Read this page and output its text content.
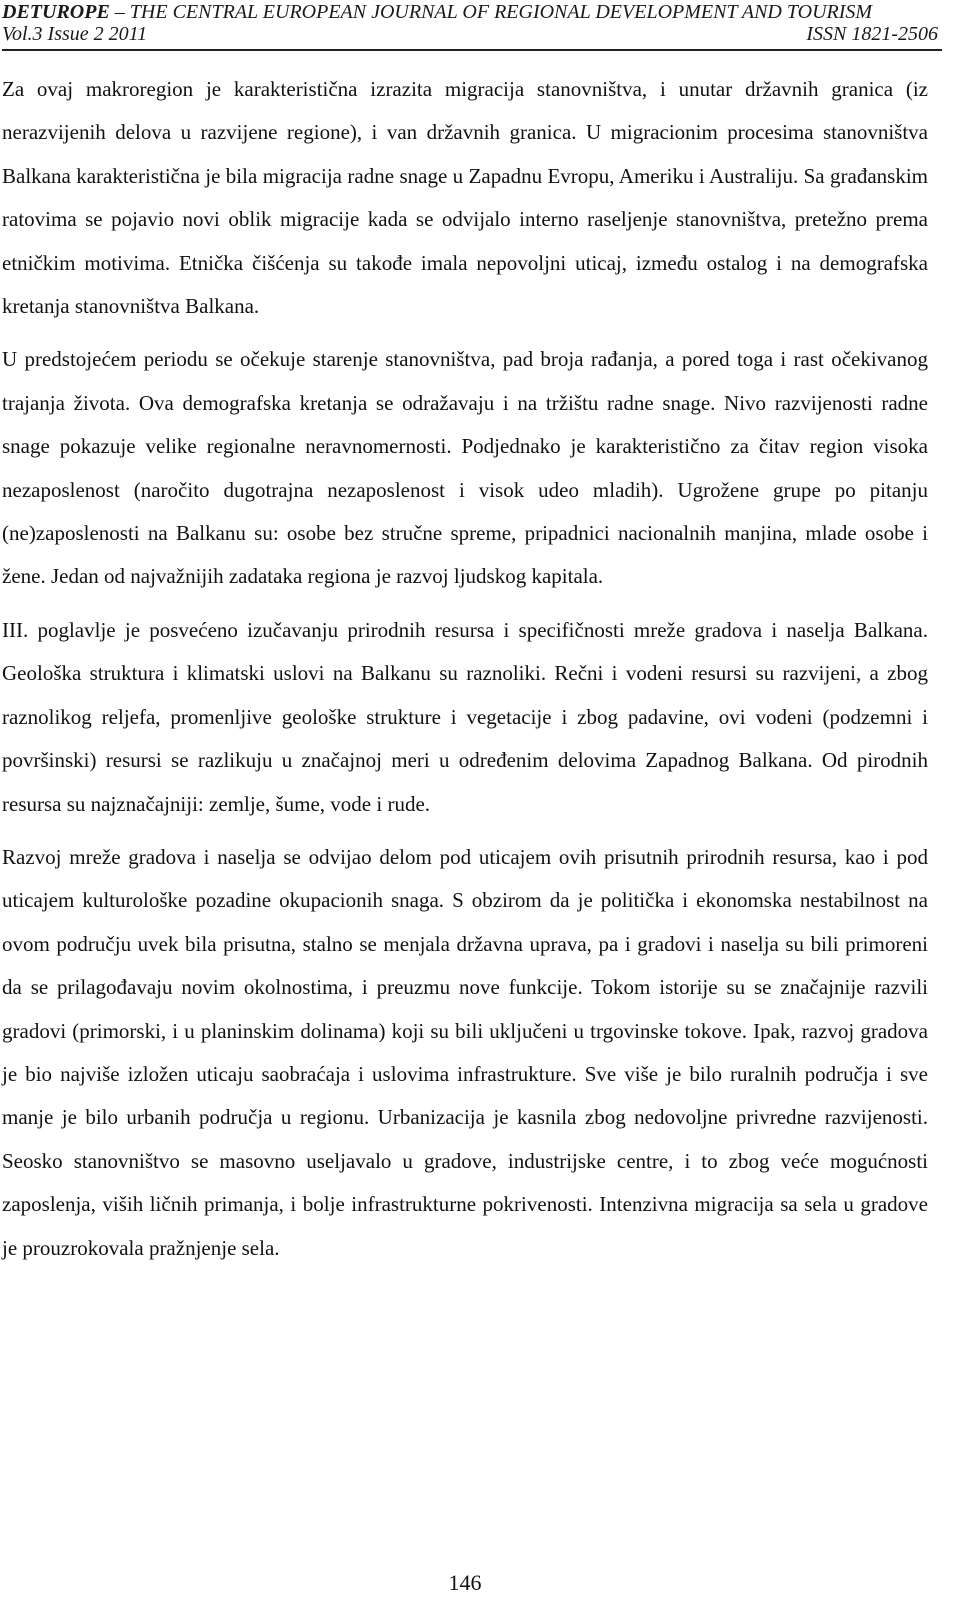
DETUROPE – THE CENTRAL EUROPEAN JOURNAL OF REGIONAL DEVELOPMENT AND TOURISM
Vol.3 Issue 2 2011	ISSN 1821-2506

Za ovaj makroregion je karakteristična izrazita migracija stanovništva, i unutar državnih granica (iz nerazvijenih delova u razvijene regione), i van državnih granica. U migracionim procesima stanovništva Balkana karakteristična je bila migracija radne snage u Zapadnu Evropu, Ameriku i Australiju. Sa građanskim ratovima se pojavio novi oblik migracije kada se odvijalo interno raseljenje stanovništva, pretežno prema etničkim motivima. Etnička čišćenja su takođe imala nepovoljni uticaj, između ostalog i na demografska kretanja stanovništva Balkana.

U predstojećem periodu se očekuje starenje stanovništva, pad broja rađanja, a pored toga i rast očekivanog trajanja života. Ova demografska kretanja se odražavaju i na tržištu radne snage. Nivo razvijenosti radne snage pokazuje velike regionalne neravnomernosti. Podjednako je karakteristično za čitav region visoka nezaposlenost (naročito dugotrajna nezaposlenost i visok udeo mladih). Ugrožene grupe po pitanju (ne)zaposlenosti na Balkanu su: osobe bez stručne spreme, pripadnici nacionalnih manjina, mlade osobe i žene. Jedan od najvažnijih zadataka regiona je razvoj ljudskog kapitala.

III. poglavlje je posvećeno izučavanju prirodnih resursa i specifičnosti mreže gradova i naselja Balkana. Geološka struktura i klimatski uslovi na Balkanu su raznoliki. Rečni i vodeni resursi su razvijeni, a zbog raznolikog reljefa, promenljive geološke strukture i vegetacije i zbog padavine, ovi vodeni (podzemni i površinski) resursi se razlikuju u značajnoj meri u određenim delovima Zapadnog Balkana. Od pirodnih resursa su najznačajniji: zemlje, šume, vode i rude.

Razvoj mreže gradova i naselja se odvijao delom pod uticajem ovih prisutnih prirodnih resursa, kao i pod uticajem kulturološke pozadine okupacionih snaga. S obzirom da je politička i ekonomska nestabilnost na ovom području uvek bila prisutna, stalno se menjala državna uprava, pa i gradovi i naselja su bili primoreni da se prilagođavaju novim okolnostima, i preuzmu nove funkcije. Tokom istorije su se značajnije razvili gradovi (primorski, i u planinskim dolinama) koji su bili uključeni u trgovinske tokove. Ipak, razvoj gradova je bio najviše izložen uticaju saobraćaja i uslovima infrastrukture. Sve više je bilo ruralnih područja i sve manje je bilo urbanih područja u regionu. Urbanizacija je kasnila zbog nedovoljne privredne razvijenosti. Seosko stanovništvo se masovno useljavalo u gradove, industrijske centre, i to zbog veće mogućnosti zaposlenja, viših ličnih primanja, i bolje infrastrukturne pokrivenosti. Intenzivna migracija sa sela u gradove je prouzrokovala pražnjenje sela.

146
